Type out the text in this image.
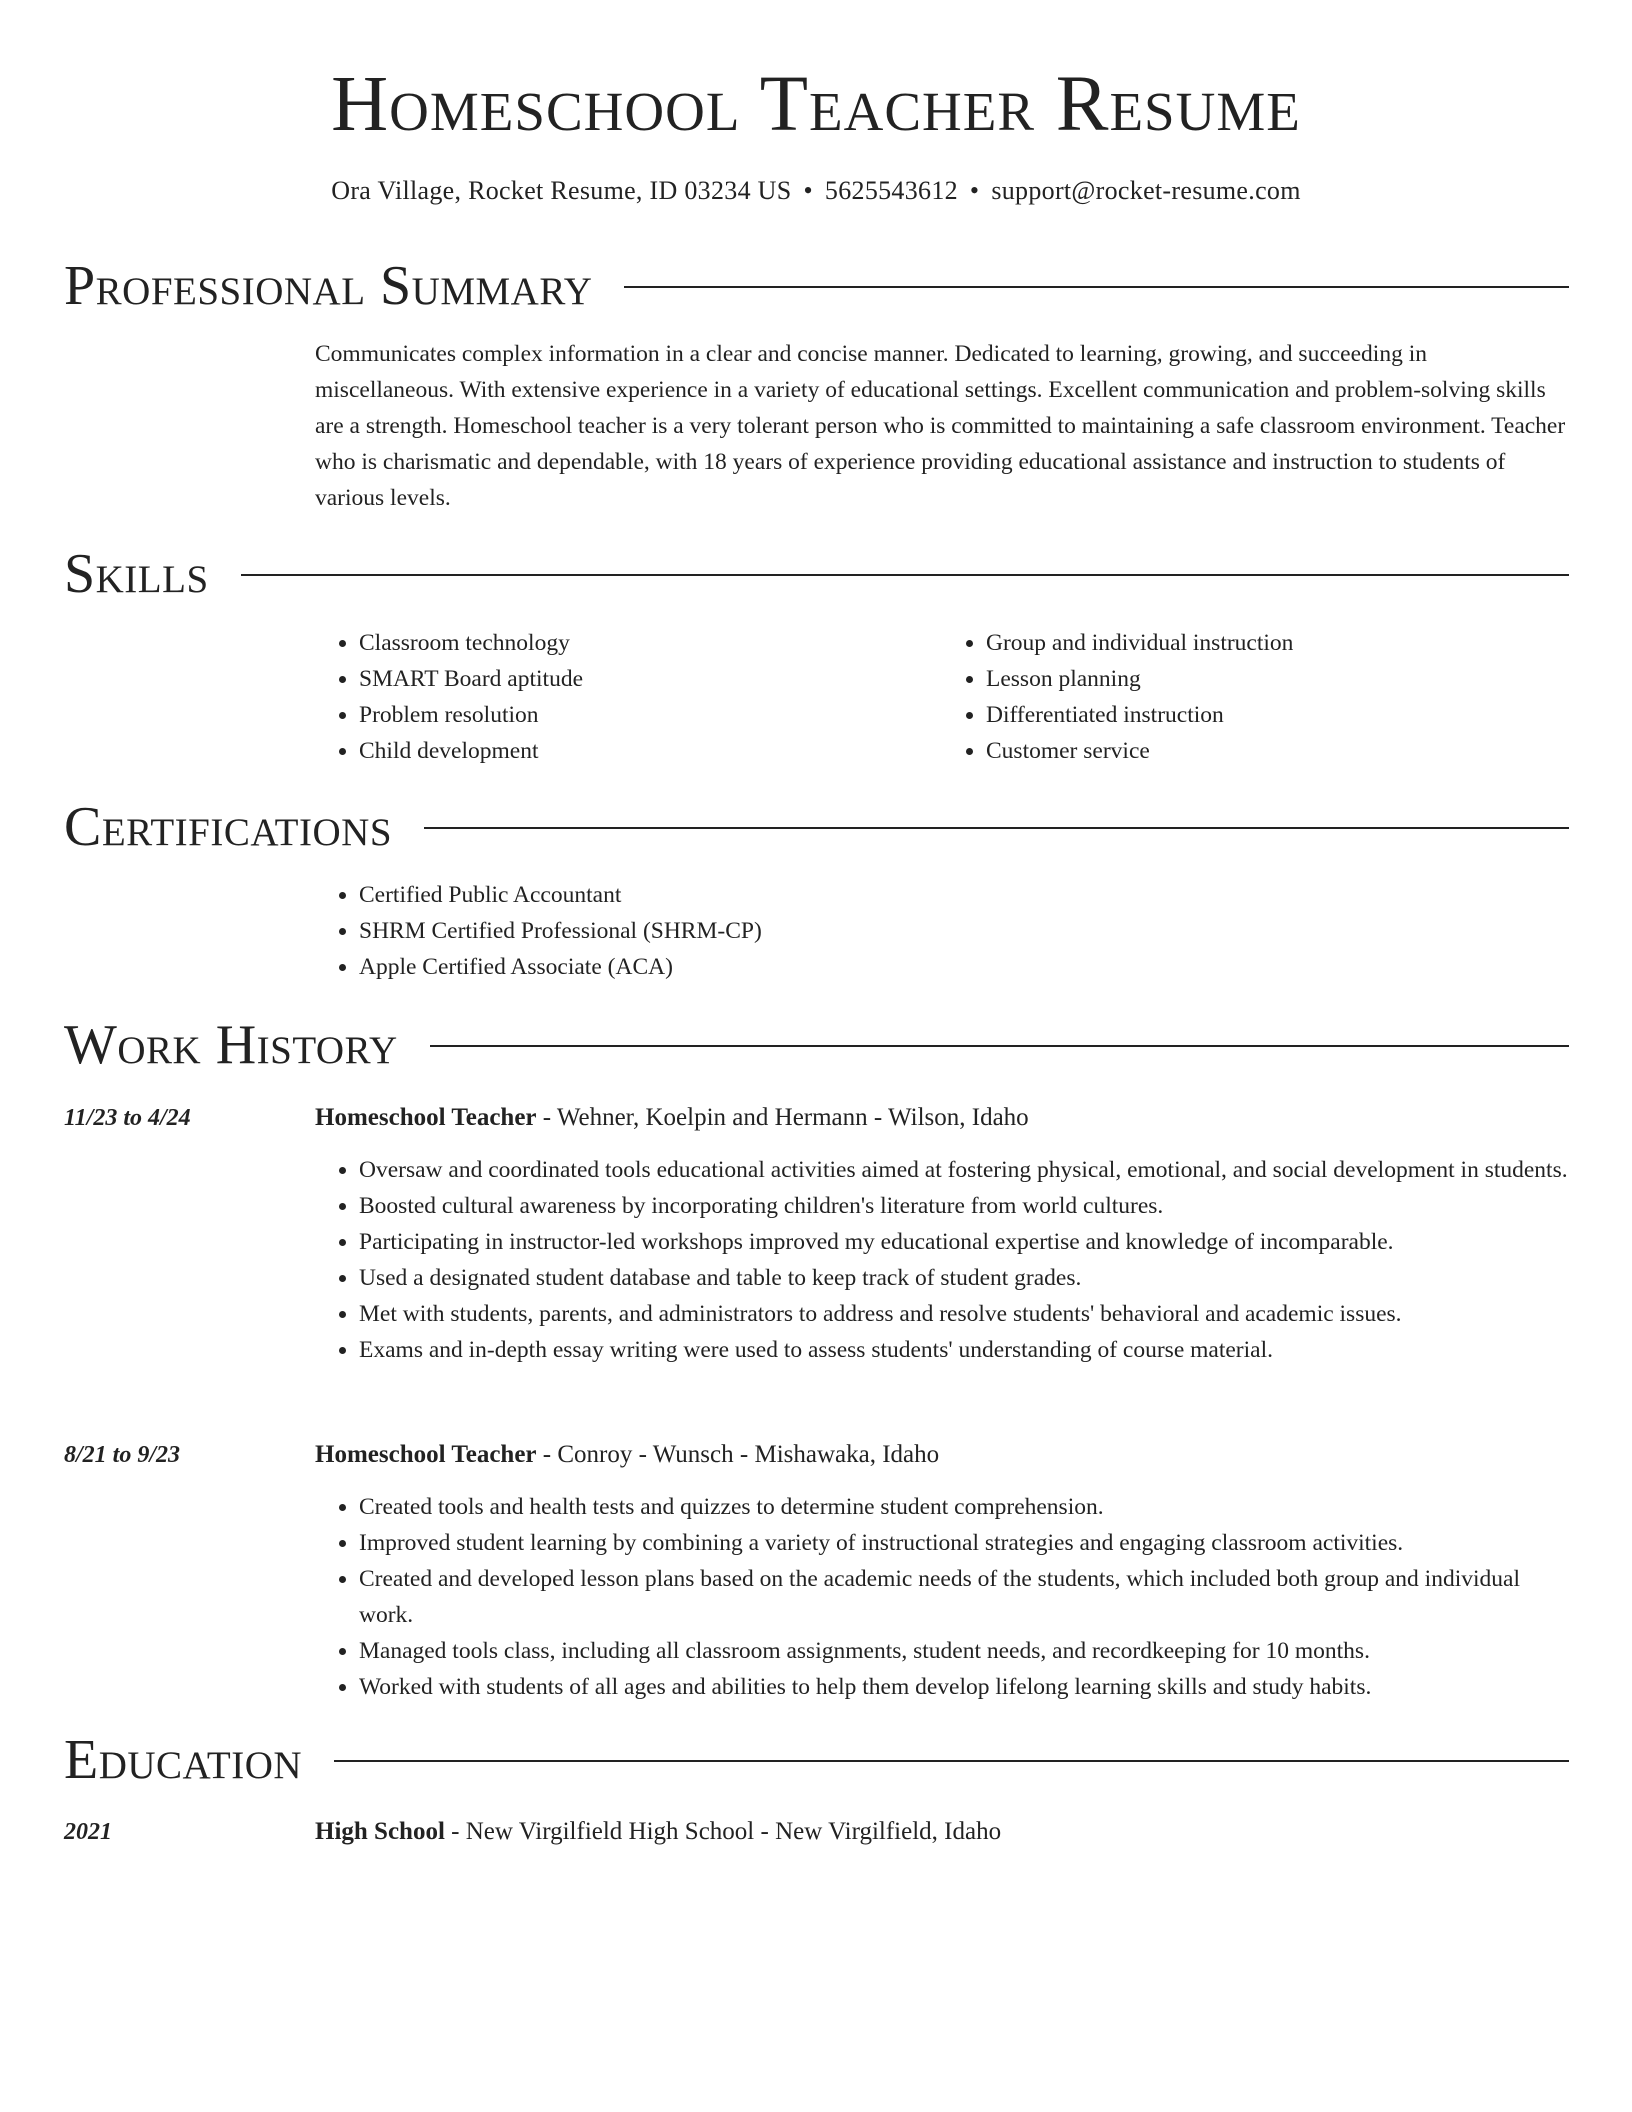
Homeschool Teacher Resume
Ora Village, Rocket Resume, ID 03234 US • 5625543612 • support@rocket-resume.com
Professional Summary
Communicates complex information in a clear and concise manner. Dedicated to learning, growing, and succeeding in miscellaneous. With extensive experience in a variety of educational settings. Excellent communication and problem-solving skills are a strength. Homeschool teacher is a very tolerant person who is committed to maintaining a safe classroom environment. Teacher who is charismatic and dependable, with 18 years of experience providing educational assistance and instruction to students of various levels.
Skills
• Classroom technology
• SMART Board aptitude
• Problem resolution
• Child development
• Group and individual instruction
• Lesson planning
• Differentiated instruction
• Customer service
Certifications
• Certified Public Accountant
• SHRM Certified Professional (SHRM-CP)
• Apple Certified Associate (ACA)
Work History
11/23 to 4/24	Homeschool Teacher - Wehner, Koelpin and Hermann - Wilson, Idaho
• Oversaw and coordinated tools educational activities aimed at fostering physical, emotional, and social development in students.
• Boosted cultural awareness by incorporating children's literature from world cultures.
• Participating in instructor-led workshops improved my educational expertise and knowledge of incomparable.
• Used a designated student database and table to keep track of student grades.
• Met with students, parents, and administrators to address and resolve students' behavioral and academic issues.
• Exams and in-depth essay writing were used to assess students' understanding of course material.
8/21 to 9/23	Homeschool Teacher - Conroy - Wunsch - Mishawaka, Idaho
• Created tools and health tests and quizzes to determine student comprehension.
• Improved student learning by combining a variety of instructional strategies and engaging classroom activities.
• Created and developed lesson plans based on the academic needs of the students, which included both group and individual work.
• Managed tools class, including all classroom assignments, student needs, and recordkeeping for 10 months.
• Worked with students of all ages and abilities to help them develop lifelong learning skills and study habits.
Education
2021	High School - New Virgilfield High School - New Virgilfield, Idaho
